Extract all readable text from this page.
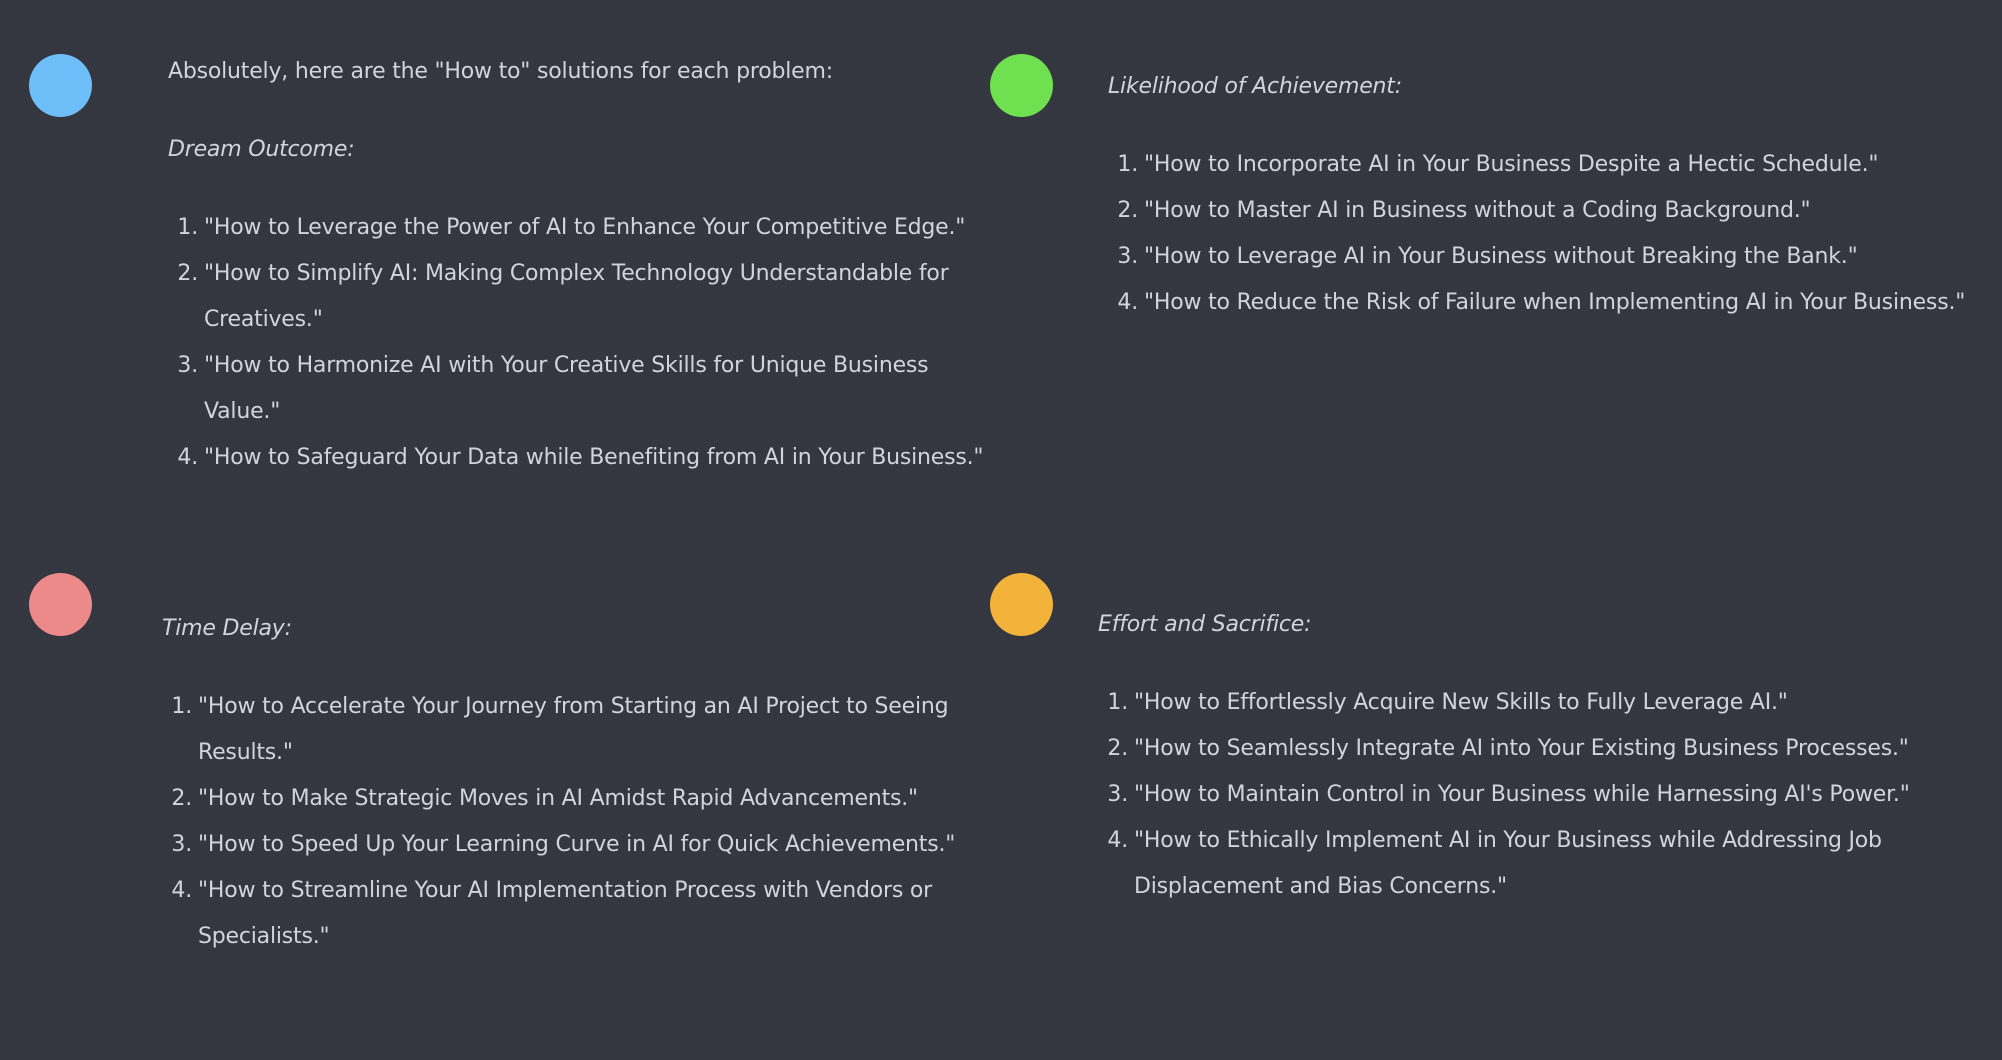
Absolutely, here are the "How to" solutions for each problem:

Dream Outcome:

1. "How to Leverage the Power of AI to Enhance Your Competitive Edge."
2. "How to Simplify AI: Making Complex Technology Understandable for Creatives."
3. "How to Harmonize AI with Your Creative Skills for Unique Business Value."
4. "How to Safeguard Your Data while Benefiting from AI in Your Business."

Likelihood of Achievement:

1. "How to Incorporate AI in Your Business Despite a Hectic Schedule."
2. "How to Master AI in Business without a Coding Background."
3. "How to Leverage AI in Your Business without Breaking the Bank."
4. "How to Reduce the Risk of Failure when Implementing AI in Your Business."

Time Delay:

1. "How to Accelerate Your Journey from Starting an AI Project to Seeing Results."
2. "How to Make Strategic Moves in AI Amidst Rapid Advancements."
3. "How to Speed Up Your Learning Curve in AI for Quick Achievements."
4. "How to Streamline Your AI Implementation Process with Vendors or Specialists."

Effort and Sacrifice:

1. "How to Effortlessly Acquire New Skills to Fully Leverage AI."
2. "How to Seamlessly Integrate AI into Your Existing Business Processes."
3. "How to Maintain Control in Your Business while Harnessing AI's Power."
4. "How to Ethically Implement AI in Your Business while Addressing Job Displacement and Bias Concerns."
